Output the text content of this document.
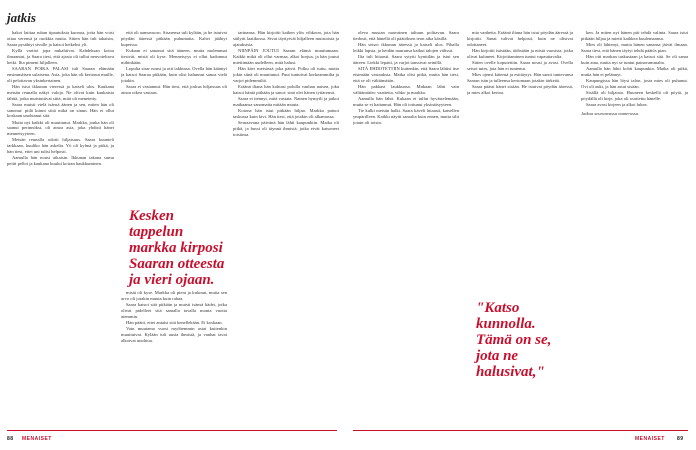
jatkis

hakoi laittaa ruhan tipautuksia kuonoa, jotta hän voisi ottaa verensä ja ruokkia muita. Sitten hän tuli takaisin, Saara pysähtyi sivulle ja katsoi hetkeksi yli.

Kyllä vartiot jopa nukahtivat. Kahdeksan kotoa ilmaantui, ja Saara tiesi, että ajasta oli tullut neuvoteltava hetki. Ilta pimeni hiljalleen.

SAARAN POIKA PALASI tuli Saaran elämään ensimmäisen sulaisena. Asia, joka hän oli kertonut muille, oli pelottavan yksinkertainen.

Hän istui ikkunan vieressä ja katseli ulos. Kaukana metsän reunalla näkyi valoja. Ne olivat kuin kaukaisia tähtiä, jotka muistuttivat siitä, mitä oli menetetty.

Saara muisti vielä isänsä äänen ja sen, miten hän oli sanonut: pidä kiinni siitä mikä on sinun. Hän ei ollut koskaan unohtanut sitä.

Mutta nyt kaikki oli muuttunut. Markka, jonka hän oli saanut perinnöksi, oli ainoa asia, joka yhdisti hänet menneisyyteen.

Metsän reunalla odotti hiljaisuus. Saara kuunteli tarkkaan, kuuliko hän askelia. Yö oli kylmä ja pitkä, ja hän tiesi, ettei uni tulisi helposti.

Aamulla hän nousi aikaisin. Ikkunan takana sumu peitti pellot ja kaukana kuului koiran haukkuminen.

että oli aamuvuoro. Sisarensa tuli kylään, ja he istuivat pöydän ääressä pitkään puhumatta. Kahvi jäähtyi kupeissa.

Kukaan ei sanonut sitä ääneen, mutta molemmat tiesivät, mistä oli kyse. Menneisyys ei ollut kadonnut mihinkään.

Lopulta sisar nousi ja otti takkinsa. Ovella hän kääntyi ja katsoi Saaraa pitkään, kuin olisi halunnut sanoa vielä jotakin.

Saara ei vastannut. Hän tiesi, että joskus hiljaisuus oli ainoa oikea vastaus.

Kesken tappelun markka kirposi Saaran otteesta ja vieri ojaan.

mistä oli kyse. Markka oli pieni ja kulunut, mutta sen arvo oli jotakin muuta kuin rahaa.

Saara katsoi sitä pitkään ja muisti isänsä kädet, jotka olivat pidelleet sitä samalla tavalla monta vuotta aiemmin.

Hän päätti, ettei antaisi sitä kenellekään. Ei koskaan.

Vain muutama vuosi myöhemmin asiat kuitenkin muuttuivat. Kylään tuli uusia ihmisiä, ja vanhat tavat alkoivat unohtua.

tarinansa. Hän kirjoitti kaiken ylös vihkoon, jota hän säilytti laatikossa. Sivut täyttyivät hiljalleen muistoista ja ajatuksista.

NIINPÄIN JOUTUI Saaran elämä muuttumaan. Kaikki mikä oli ollut varmaa, alkoi horjua, ja hän joutui miettimään uudelleen, mitä halusi.

Hän kävi metsässä joka päivä. Polku oli tuttu, mutta jokin siinä oli muuttunut. Puut tuntuivat korkeammilta ja varjot pidemmiltä.

Eräänä iltana hän kohtasi polulla vanhan naisen, joka katsoi häntä pitkään ja sanoi: sinä olet hänen tyttärensä.

Saara ei tiennyt, mitä vastata. Nainen hymyili ja jatkoi matkaansa sanomatta mitään muuta.

Kotona hän istui pitkään hiljaa. Markka painoi taskussa kuin kivi. Hän tiesi, että jotakin oli alkamassa.

Seuraavana päivänä hän lähti kaupunkiin. Matka oli pitkä, ja bussi oli täynnä ihmisiä, jotka eivät katsoneet toisiinsa.

oleva mustan naavainen taltuun polttavan. Saara tiedosti, että hänellä oli päätöksen teon aika käsillä.

Hän seisoi ikkunan ääressä ja katseli ulos. Pihalla leikki lapsia, ja heidän naurunsa kaikui talojen välissä.

Ilta tuli hitaasti. Saara sytytti kynttilän ja istui sen ääreen. Liekki lepatti, ja varjot tanssivat seinillä.

SITÄ EHDOTETTIIN kuitenkin, että Saara lähtisi itse etsimään vastauksia. Matka olisi pitkä, mutta hän tiesi, että se oli välttämätön.

Hän pakkasi laukkunsa. Mukaan lähti vain välttämätön: vaatteita, vihko ja markka.

Aamulla hän lähti. Kukaan ei tullut hyvästelemään, mutta se ei haitannut. Hän oli tottunut yksinäisyyteen.

Tie kulki metsän halki. Saara käveli hitaasti, katsellen ympärilleen. Kaikki näytti samalta kuin ennen, mutta silti jotain oli toisin.

mia vanhetta. Eräänä iltana hän istui pöydän ääressä ja kirjoitti. Sanat tulivat helposti, kuin ne olisivat odottaneet.

Hän kirjoitti isästään, äidistään ja niistä vuosista, jotka olivat kuluneet. Kirjoittaminen tuntui vapauttavalta.

Sitten ovelle koputettiin. Saara nousi ja avasi. Ovella seisoi mies, jota hän ei tuntenut.

Mies ojensi kätensä ja esittäytyi. Hän sanoi tuntevansa Saaran isän ja tulleensa kertomaan jotakin tärkeää.

Saara päästi hänet sisään. He istuivat pöydän ääressä, ja mies alkoi kertoa.

"Katso kunnolla. Tämä on se, jota ne halusivat,"

ken. Ja miten nyt hänen piti tehdä valinta. Saara istui pitkään hiljaa ja mietti kaikkea kuulemaansa.

Mies oli lähtenyt, mutta hänen sanansa jäivät ilmaan. Saara tiesi, että hänen täytyi tehdä päätös pian.

Hän otti markan taskustaan ja katsoi sitä. Se oli sama kuin aina, mutta nyt se tuntui painavammalta.

Aamulla hän lähti kohti kaupunkia. Matka oli pitkä, mutta hän ei pelännyt.

Kaupungissa hän löysi talon, josta mies oli puhunut. Ovi oli auki, ja hän astui sisään.

Sisällä oli hiljaista. Huoneen keskellä oli pöytä, ja pöydällä oli kirje, joka oli osoitettu hänelle.

Saara avasi kirjeen ja alkoi lukea.

Jatkoa seuraavassa numerossa.
88 MENAISET	MENAISET 89
